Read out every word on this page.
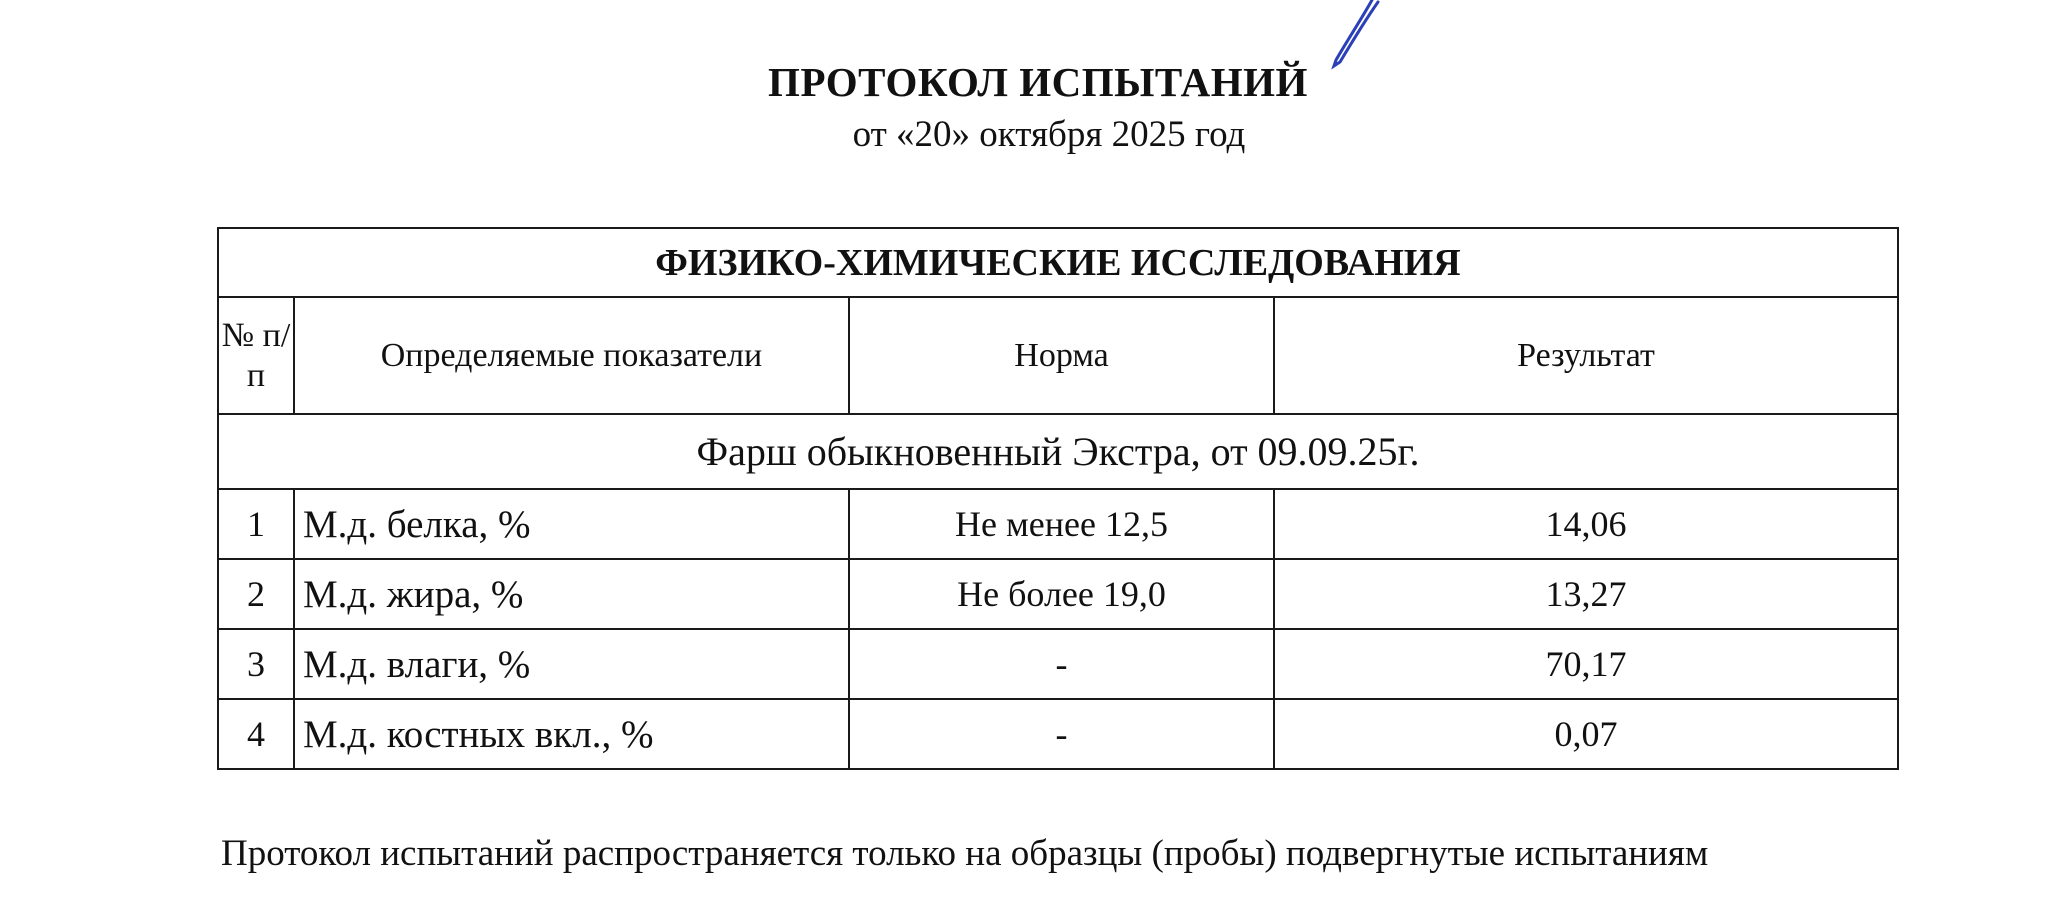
ПРОТОКОЛ ИСПЫТАНИЙ
от «20» октября 2025 год
ФИЗИКО-ХИМИЧЕСКИЕ ИССЛЕДОВАНИЯ			
№ п/п	Определяемые показатели	Норма	Результат
Фарш обыкновенный Экстра, от 09.09.25г.			
1	М.д. белка, %	Не менее 12,5	14,06
2	М.д. жира, %	Не более 19,0	13,27
3	М.д. влаги, %	-	70,17
4	М.д. костных вкл., %	-	0,07
Протокол испытаний распространяется только на образцы (пробы) подвергнутые испытаниям
